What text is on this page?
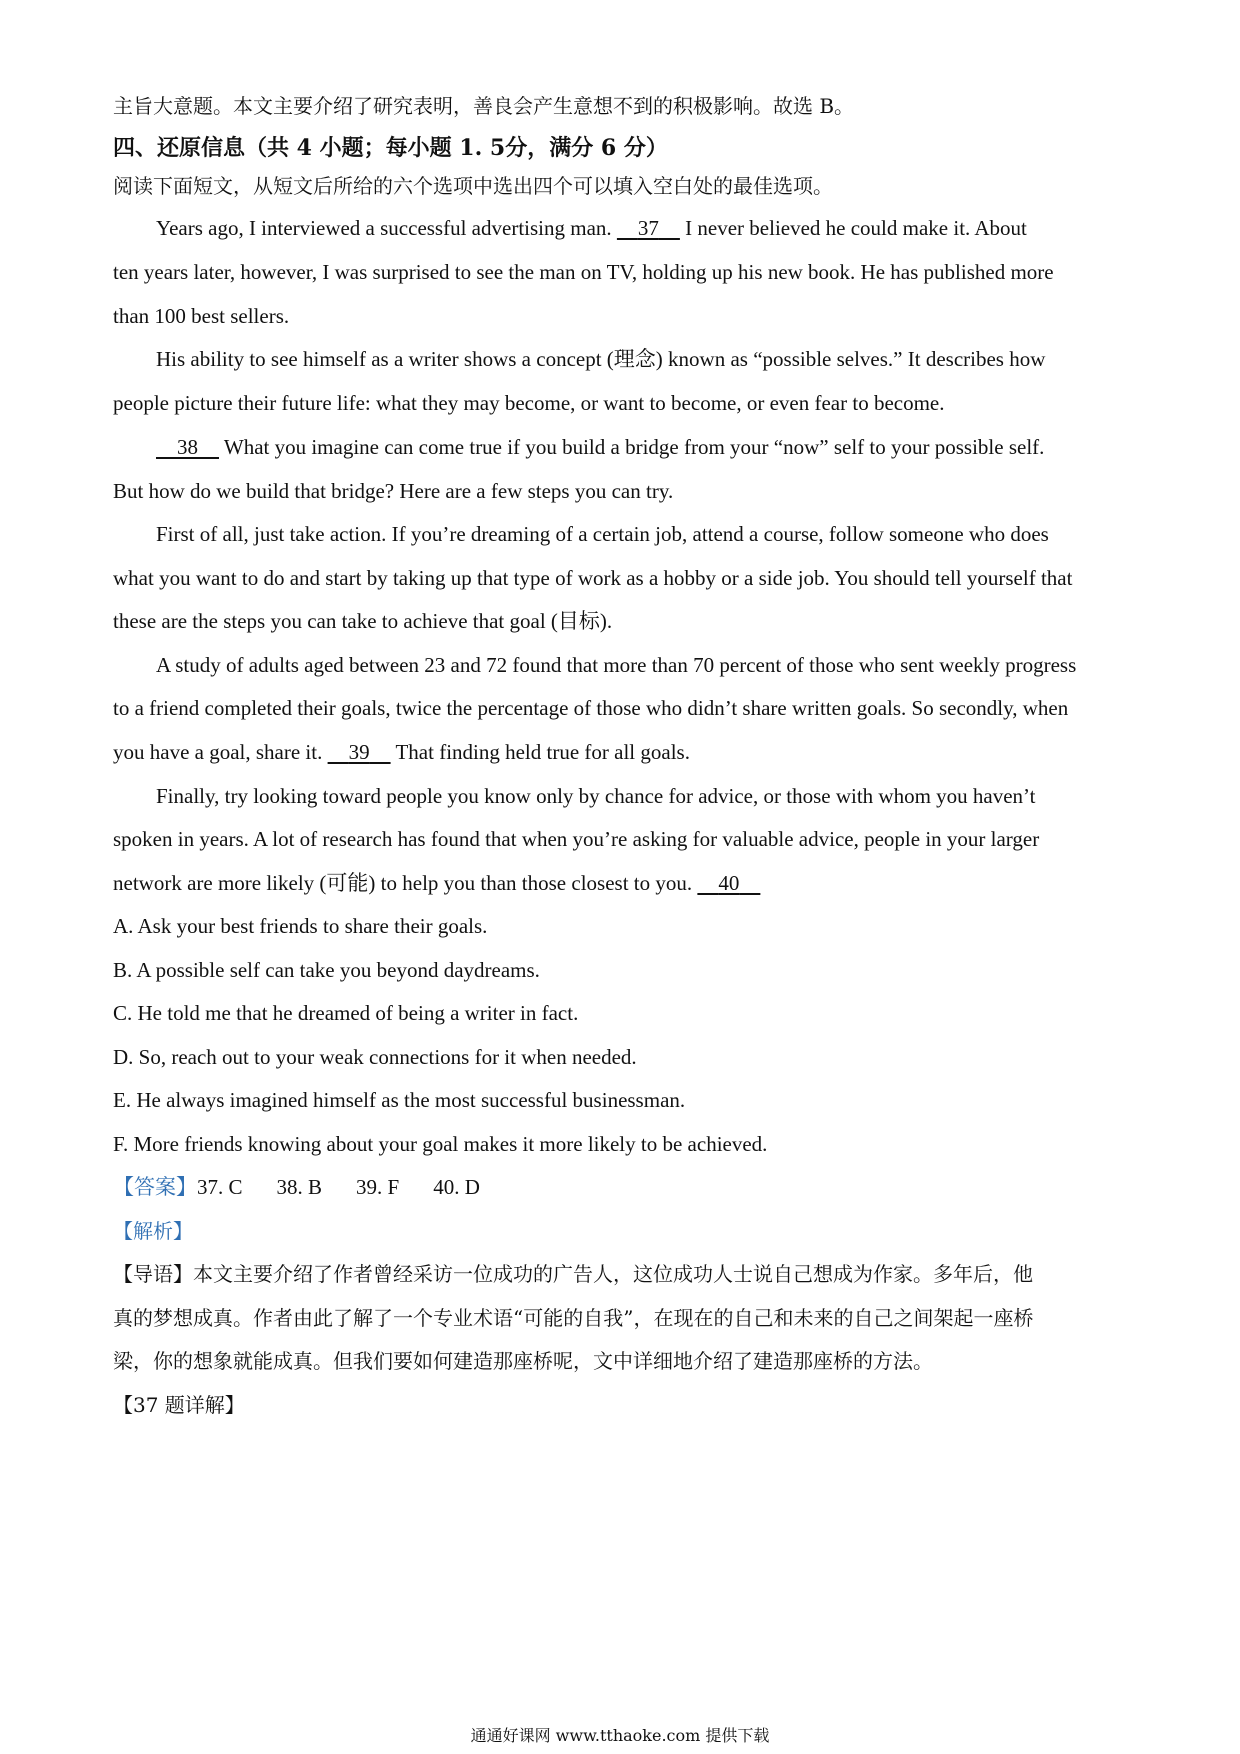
主旨大意题。本文主要介绍了研究表明，善良会产生意想不到的积极影响。故选 B。
四、还原信息（共 4 小题；每小题 1. 5分，满分 6 分）
阅读下面短文，从短文后所给的六个选项中选出四个可以填入空白处的最佳选项。
Years ago, I interviewed a successful advertising man.     37     I never believed he could make it. About
ten years later, however, I was surprised to see the man on TV, holding up his new book. He has published more
than 100 best sellers.
His ability to see himself as a writer shows a concept (理念) known as “possible selves.” It describes how
people picture their future life: what they may become, or want to become, or even fear to become.
38     What you imagine can come true if you build a bridge from your “now” self to your possible self.
But how do we build that bridge? Here are a few steps you can try.
First of all, just take action. If you’re dreaming of a certain job, attend a course, follow someone who does
what you want to do and start by taking up that type of work as a hobby or a side job. You should tell yourself that
these are the steps you can take to achieve that goal (目标).
A study of adults aged between 23 and 72 found that more than 70 percent of those who sent weekly progress
to a friend completed their goals, twice the percentage of those who didn’t share written goals. So secondly, when
you have a goal, share it.     39     That finding held true for all goals.
Finally, try looking toward people you know only by chance for advice, or those with whom you haven’t
spoken in years. A lot of research has found that when you’re asking for valuable advice, people in your larger
network are more likely (可能) to help you than those closest to you.     40
A. Ask your best friends to share their goals.
B. A possible self can take you beyond daydreams.
C. He told me that he dreamed of being a writer in fact.
D. So, reach out to your weak connections for it when needed.
E. He always imagined himself as the most successful businessman.
F. More friends knowing about your goal makes it more likely to be achieved.
【答案】37. C 38. B 39. F 40. D
【解析】
【导语】本文主要介绍了作者曾经采访一位成功的广告人，这位成功人士说自己想成为作家。多年后，他
真的梦想成真。作者由此了解了一个专业术语“可能的自我”，在现在的自己和未来的自己之间架起一座桥
梁，你的想象就能成真。但我们要如何建造那座桥呢，文中详细地介绍了建造那座桥的方法。
【37 题详解】
通通好课网 www.tthaoke.com 提供下载
